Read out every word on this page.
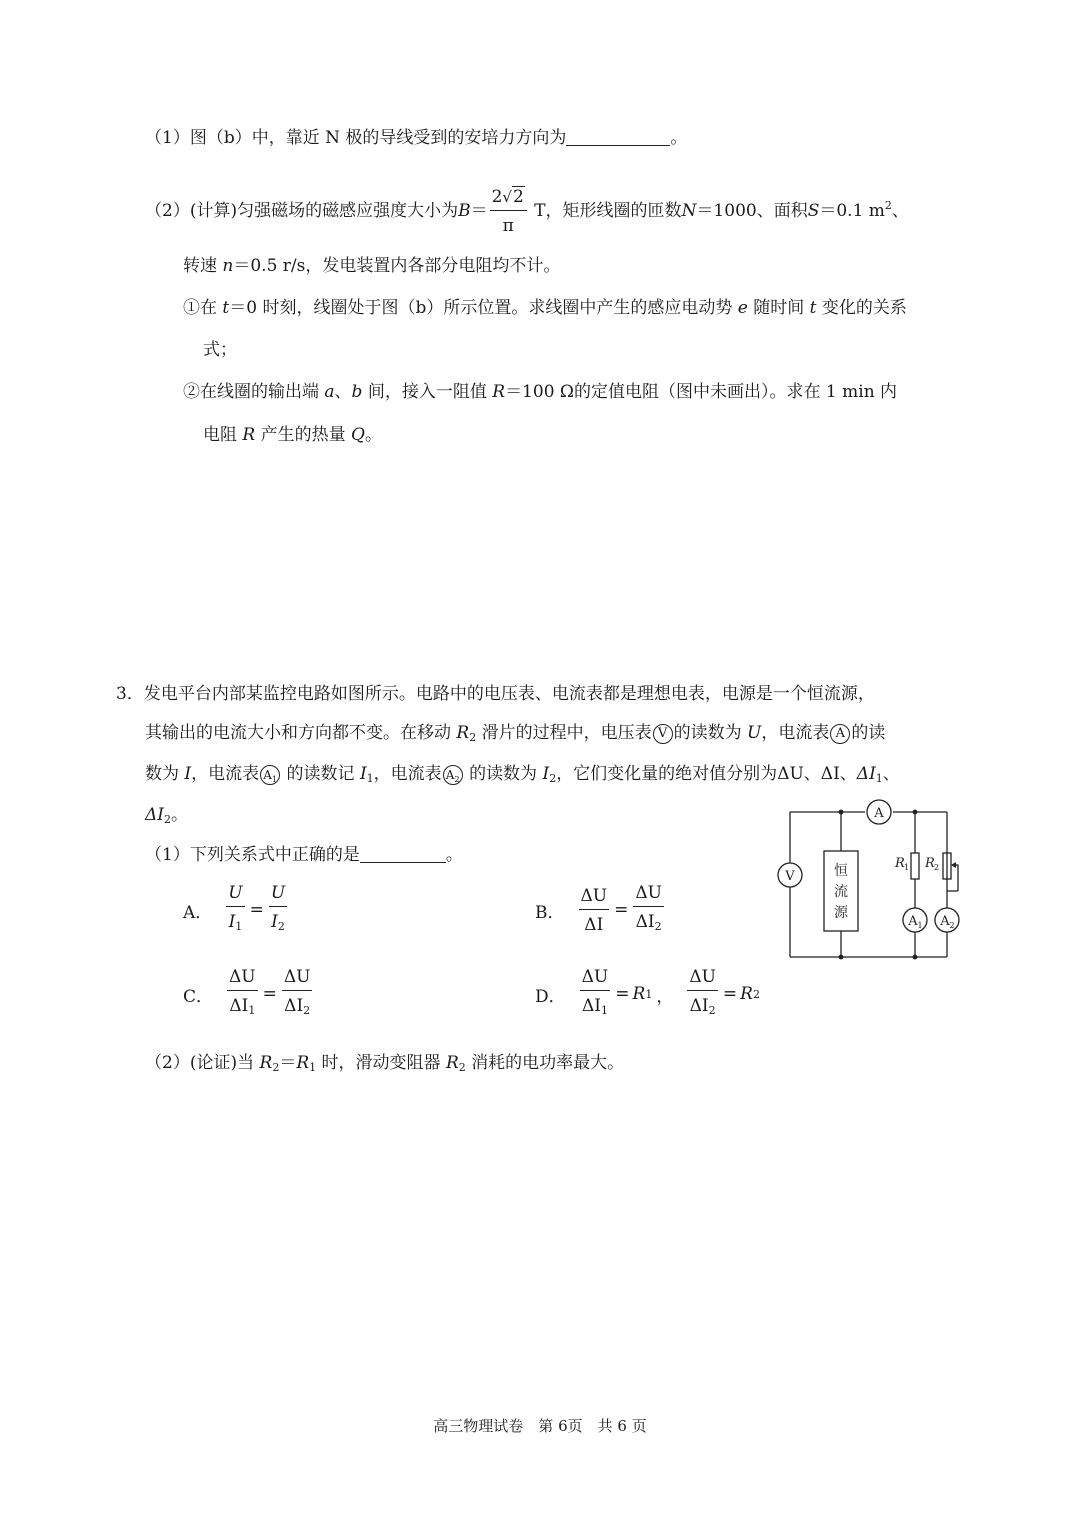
（1）图（b）中，靠近 N 极的导线受到的安培力方向为	。
（2）(计算)匀强磁场的磁感应强度大小为$B= \frac{2√2}{\pi}$ T，矩形线圈的匝数N＝1000、面积S＝0.1 $m^2$、
转速 n＝0.5 r/s，发电装置内各部分电阻均不计。
①在 t＝0 时刻，线圈处于图（b）所示位置。求线圈中产生的感应电动势 e 随时间 t 变化的关系
式；
②在线圈的输出端 a、b 间，接入一阻值 R＝100 Ω的定值电阻（图中未画出）。求在 1 min 内
电阻 R 产生的热量 Q。
3．发电平台内部某监控电路如图所示。电路中的电压表、电流表都是理想电表，电源是一个恒流源，
其输出的电流大小和方向都不变。在移动 $R_2$ 滑片的过程中，电压表 V 的读数为 U，电流表 A 的读
数为 I，电流表 $A_1$ 的读数记 $I_1$，电流表 $A_2$ 的读数为 $I_2$，它们变化量的绝对值分别为ΔU、ΔI、$\Delta I_1$、
$\Delta I_2$。
（1）下列关系式中正确的是	。
A． $\frac{U}{I_1} = \frac{U}{I_2}$	B． $\frac{\Delta U}{\Delta I} = \frac{\Delta U}{\Delta I_2}$
C． $\frac{\Delta U}{\Delta I_1} = \frac{\Delta U}{\Delta I_2}$	D． $\frac{\Delta U}{\Delta I_1} = R$ 1 ， $\frac{\Delta U}{\Delta I_2} = R$ 2
（2）(论证)当 $R_2=R_1$ 时，滑动变阻器 $R_2$ 消耗的电功率最大。
A
V
A 1 A 2
恒
流
源
R R
1	2
高三物理试卷　第 6页　共 6 页
